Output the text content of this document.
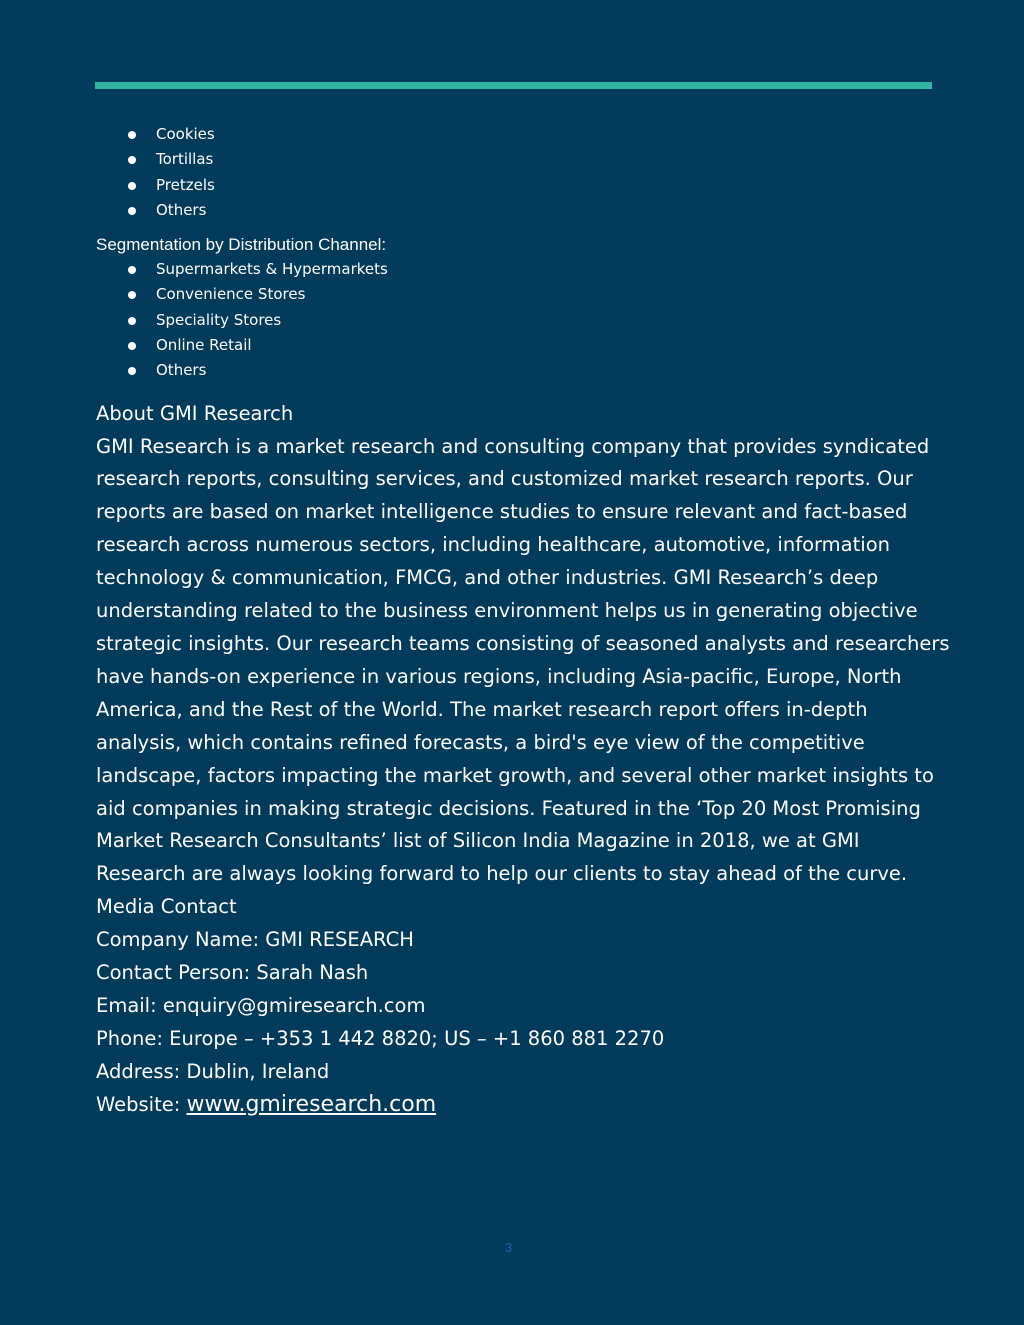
Cookies
Tortillas
Pretzels
Others
Segmentation by Distribution Channel:
Supermarkets & Hypermarkets
Convenience Stores
Speciality Stores
Online Retail
Others
About GMI Research
GMI Research is a market research and consulting company that provides syndicated
research reports, consulting services, and customized market research reports. Our
reports are based on market intelligence studies to ensure relevant and fact-based
research across numerous sectors, including healthcare, automotive, information
technology & communication, FMCG, and other industries. GMI Research’s deep
understanding related to the business environment helps us in generating objective
strategic insights. Our research teams consisting of seasoned analysts and researchers
have hands-on experience in various regions, including Asia-pacific, Europe, North
America, and the Rest of the World. The market research report offers in-depth
analysis, which contains refined forecasts, a bird's eye view of the competitive
landscape, factors impacting the market growth, and several other market insights to
aid companies in making strategic decisions. Featured in the ‘Top 20 Most Promising
Market Research Consultants’ list of Silicon India Magazine in 2018, we at GMI
Research are always looking forward to help our clients to stay ahead of the curve.
Media Contact
Company Name: GMI RESEARCH
Contact Person: Sarah Nash
Email: enquiry@gmiresearch.com
Phone: Europe – +353 1 442 8820; US – +1 860 881 2270
Address: Dublin, Ireland
Website: www.gmiresearch.com
3
